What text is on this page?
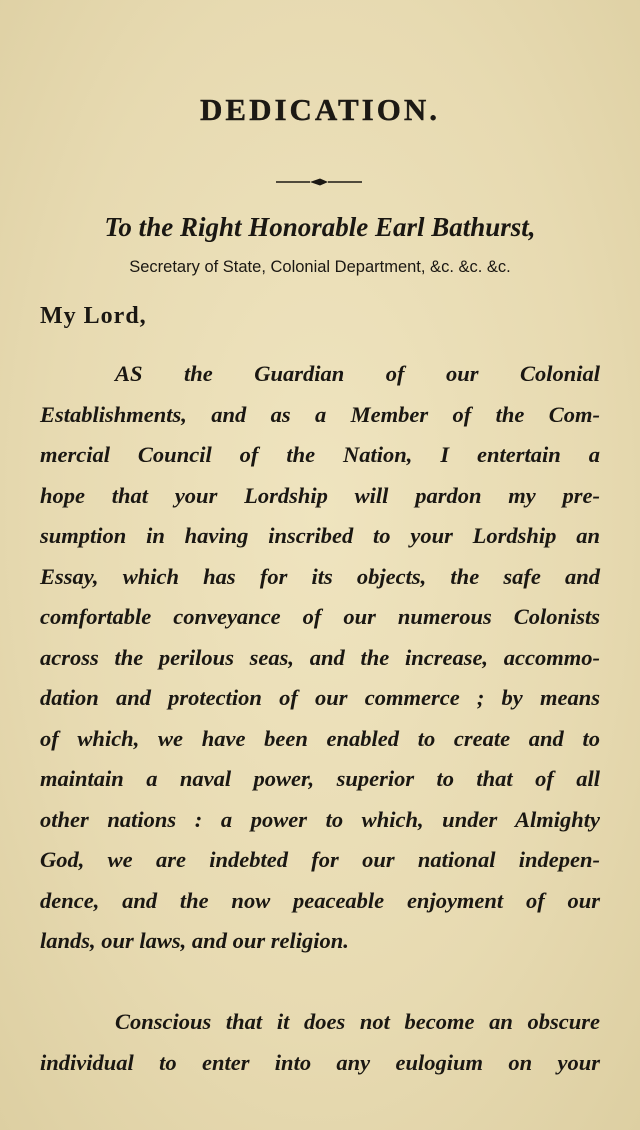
DEDICATION.
To the Right Honorable Earl Bathurst,
Secretary of State, Colonial Department, &c. &c. &c.
My Lord,
AS the Guardian of our Colonial
Establishments, and as a Member of the Com-
mercial Council of the Nation, I entertain a
hope that your Lordship will pardon my pre-
sumption in having inscribed to your Lordship an
Essay, which has for its objects, the safe and
comfortable conveyance of our numerous Colonists
across the perilous seas, and the increase, accommo-
dation and protection of our commerce ; by means
of which, we have been enabled to create and to
maintain a naval power, superior to that of all
other nations : a power to which, under Almighty
God, we are indebted for our national indepen-
dence, and the now peaceable enjoyment of our
lands, our laws, and our religion.
Conscious that it does not become an obscure
individual to enter into any eulogium on your
